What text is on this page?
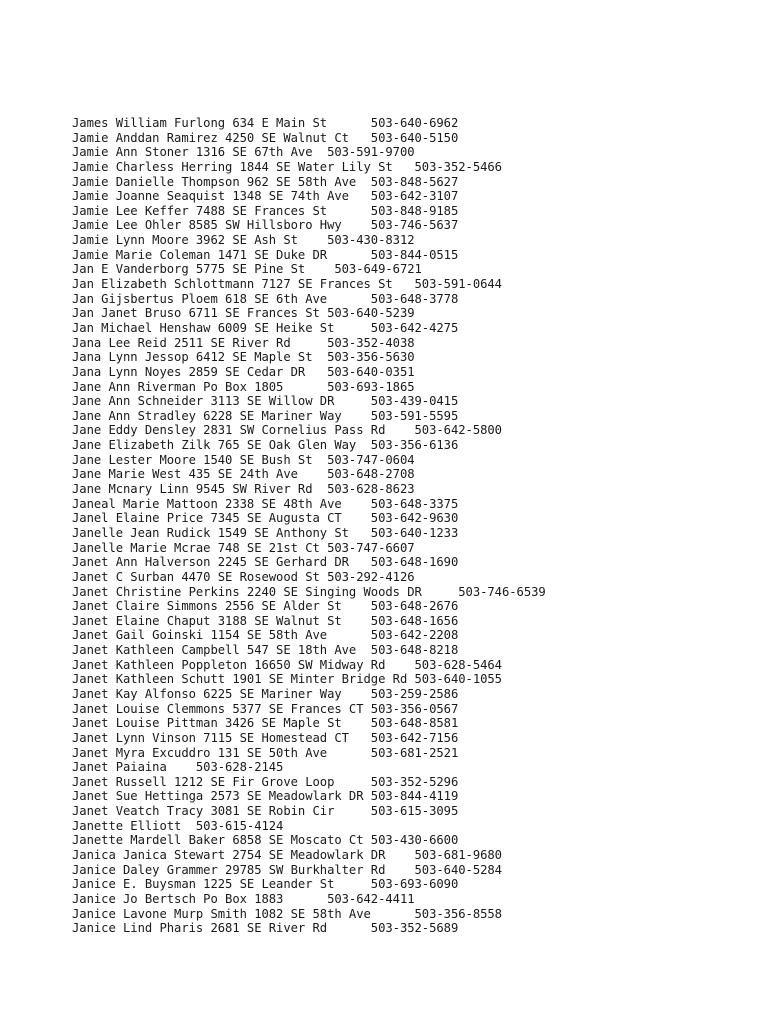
James William Furlong 634 E Main St      503-640-6962
Jamie Anddan Ramirez 4250 SE Walnut Ct   503-640-5150
Jamie Ann Stoner 1316 SE 67th Ave  503-591-9700
Jamie Charless Herring 1844 SE Water Lily St   503-352-5466
Jamie Danielle Thompson 962 SE 58th Ave  503-848-5627
Jamie Joanne Seaquist 1348 SE 74th Ave   503-642-3107
Jamie Lee Keffer 7488 SE Frances St      503-848-9185
Jamie Lee Ohler 8585 SW Hillsboro Hwy    503-746-5637
Jamie Lynn Moore 3962 SE Ash St    503-430-8312
Jamie Marie Coleman 1471 SE Duke DR      503-844-0515
Jan E Vanderborg 5775 SE Pine St    503-649-6721
Jan Elizabeth Schlottmann 7127 SE Frances St   503-591-0644
Jan Gijsbertus Ploem 618 SE 6th Ave      503-648-3778
Jan Janet Bruso 6711 SE Frances St 503-640-5239
Jan Michael Henshaw 6009 SE Heike St     503-642-4275
Jana Lee Reid 2511 SE River Rd     503-352-4038
Jana Lynn Jessop 6412 SE Maple St  503-356-5630
Jana Lynn Noyes 2859 SE Cedar DR   503-640-0351
Jane Ann Riverman Po Box 1805      503-693-1865
Jane Ann Schneider 3113 SE Willow DR     503-439-0415
Jane Ann Stradley 6228 SE Mariner Way    503-591-5595
Jane Eddy Densley 2831 SW Cornelius Pass Rd    503-642-5800
Jane Elizabeth Zilk 765 SE Oak Glen Way  503-356-6136
Jane Lester Moore 1540 SE Bush St  503-747-0604
Jane Marie West 435 SE 24th Ave    503-648-2708
Jane Mcnary Linn 9545 SW River Rd  503-628-8623
Janeal Marie Mattoon 2338 SE 48th Ave    503-648-3375
Janel Elaine Price 7345 SE Augusta CT    503-642-9630
Janelle Jean Rudick 1549 SE Anthony St   503-640-1233
Janelle Marie Mcrae 748 SE 21st Ct 503-747-6607
Janet Ann Halverson 2245 SE Gerhard DR   503-648-1690
Janet C Surban 4470 SE Rosewood St 503-292-4126
Janet Christine Perkins 2240 SE Singing Woods DR     503-746-6539
Janet Claire Simmons 2556 SE Alder St    503-648-2676
Janet Elaine Chaput 3188 SE Walnut St    503-648-1656
Janet Gail Goinski 1154 SE 58th Ave      503-642-2208
Janet Kathleen Campbell 547 SE 18th Ave  503-648-8218
Janet Kathleen Poppleton 16650 SW Midway Rd    503-628-5464
Janet Kathleen Schutt 1901 SE Minter Bridge Rd 503-640-1055
Janet Kay Alfonso 6225 SE Mariner Way    503-259-2586
Janet Louise Clemmons 5377 SE Frances CT 503-356-0567
Janet Louise Pittman 3426 SE Maple St    503-648-8581
Janet Lynn Vinson 7115 SE Homestead CT   503-642-7156
Janet Myra Excuddro 131 SE 50th Ave      503-681-2521
Janet Paiaina    503-628-2145
Janet Russell 1212 SE Fir Grove Loop     503-352-5296
Janet Sue Hettinga 2573 SE Meadowlark DR 503-844-4119
Janet Veatch Tracy 3081 SE Robin Cir     503-615-3095
Janette Elliott  503-615-4124
Janette Mardell Baker 6858 SE Moscato Ct 503-430-6600
Janica Janica Stewart 2754 SE Meadowlark DR    503-681-9680
Janice Daley Grammer 29785 SW Burkhalter Rd    503-640-5284
Janice E. Buysman 1225 SE Leander St     503-693-6090
Janice Jo Bertsch Po Box 1883      503-642-4411
Janice Lavone Murp Smith 1082 SE 58th Ave      503-356-8558
Janice Lind Pharis 2681 SE River Rd      503-352-5689
